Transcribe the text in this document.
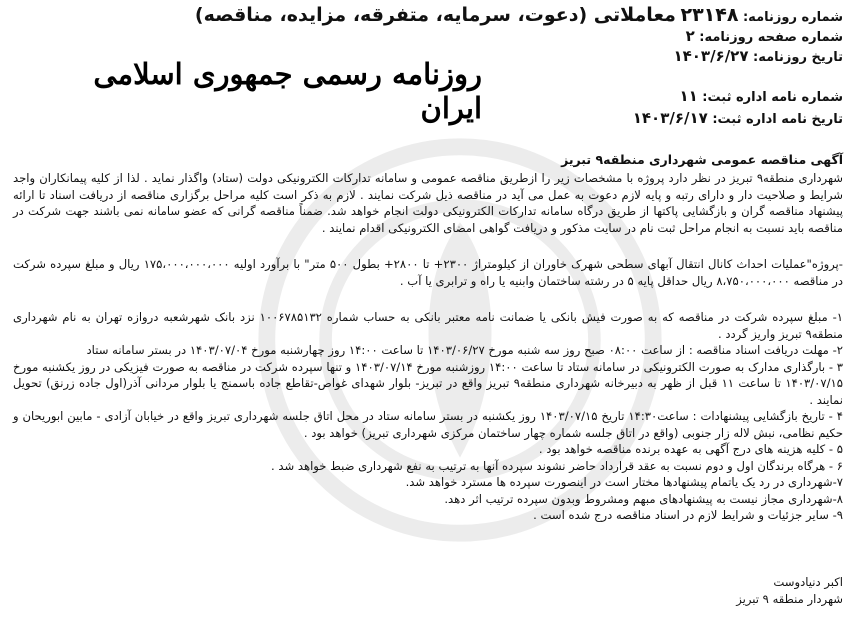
شماره روزنامه: ۲۳۱۴۸ معاملاتی (دعوت، سرمایه، متفرقه، مزایده، مناقصه)
شماره صفحه روزنامه: ۲
تاریخ روزنامه: ۱۴۰۳/۶/۲۷
روزنامه رسمی جمهوری اسلامی ایران	شماره نامه اداره ثبت: ۱۱
تاریخ نامه اداره ثبت: ۱۴۰۳/۶/۱۷
آگهی مناقصه عمومی شهرداری منطقه۹ تبریز

شهرداری منطقه۹ تبریز در نظر دارد پروژه با مشخصات زیر را ازطریق مناقصه عمومی و سامانه تدارکات الکترونیکی دولت (ستاد) واگذار نماید . لذا از کلیه پیمانکاران واجد شرایط و صلاحیت دار و دارای رتبه و پایه لازم دعوت به عمل می آید در مناقصه ذیل شرکت نمایند . لازم به ذکر است کلیه مراحل برگزاری مناقصه از دریافت اسناد تا ارائه پیشنهاد مناقصه گران و بازگشایی پاکتها از طریق درگاه سامانه تدارکات الکترونیکی دولت انجام خواهد شد. ضمناً مناقصه گرانی که عضو سامانه نمی باشند جهت شرکت در مناقصه باید نسبت به انجام مراحل ثبت نام در سایت مذکور و دریافت گواهی امضای الکترونیکی اقدام نمایند .

-پروژه"عملیات احداث کانال انتقال آبهای سطحی شهرک خاوران از کیلومتراژ ۲۳۰۰+ تا ۲۸۰۰+ بطول ۵۰۰ متر" با برآورد اولیه ۱۷۵،۰۰۰،۰۰۰،۰۰۰ ریال و مبلغ سپرده شرکت در مناقصه ۸،۷۵۰،۰۰۰،۰۰۰ ریال حداقل پایه ۵ در رشته ساختمان وابنیه یا راه و ترابری یا آب .

۱- مبلغ سپرده شرکت در مناقصه که به صورت فیش بانکی یا ضمانت نامه معتبر بانکی به حساب شماره ۱۰۰۶۷۸۵۱۳۲ نزد بانک شهرشعبه دروازه تهران به نام شهرداری منطقه۹ تبریز واریز گردد .

۲- مهلت دریافت اسناد مناقصه : از ساعت ۰۸:۰۰ صبح روز سه شنبه مورخ ۱۴۰۳/۰۶/۲۷ تا ساعت ۱۴:۰۰ روز چهارشنبه مورخ ۱۴۰۳/۰۷/۰۴ در بستر سامانه ستاد

۳ - بارگذاری مدارک به صورت الکترونیکی در سامانه ستاد تا ساعت ۱۴:۰۰ روزشنبه مورخ ۱۴۰۳/۰۷/۱۴ و تنها سپرده شرکت در مناقصه به صورت فیزیکی در روز یکشنبه مورخ ۱۴۰۳/۰۷/۱۵ تا ساعت ۱۱ قبل از ظهر به دبیرخانه شهرداری منطقه۹ تبریز واقع در تبریز- بلوار شهدای غواص-تقاطع جاده باسمنج یا بلوار مردانی آذر(اول جاده زرنق) تحویل نمایند .

۴ - تاریخ بازگشایی پیشنهادات : ساعت۱۴:۳۰ تاریخ ۱۴۰۳/۰۷/۱۵ روز یکشنبه در بستر سامانه ستاد در محل اتاق جلسه شهرداری تبریز واقع در خیابان آزادی - مابین ابوریحان و حکیم نظامی، نبش لاله زار جنوبی (واقع در اتاق جلسه شماره چهار ساختمان مرکزی شهرداری تبریز) خواهد بود .

۵ - کلیه هزینه های درج آگهی به عهده برنده مناقصه خواهد بود .

۶ - هرگاه برندگان اول و دوم نسبت به عقد قرارداد حاضر نشوند سپرده آنها به ترتیب به نفع شهرداری ضبط خواهد شد .

۷-شهرداری در رد یک یاتمام پیشنهادها مختار است در اینصورت سپرده ها مسترد خواهد شد.

۸-شهرداری مجاز نیست به پیشنهادهای مبهم ومشروط وبدون سپرده ترتیب اثر دهد.

۹- سایر جزئیات و شرایط لازم در اسناد مناقصه درج شده است .

اکبر دنیادوست
شهردار منطقه ۹ تبریز
